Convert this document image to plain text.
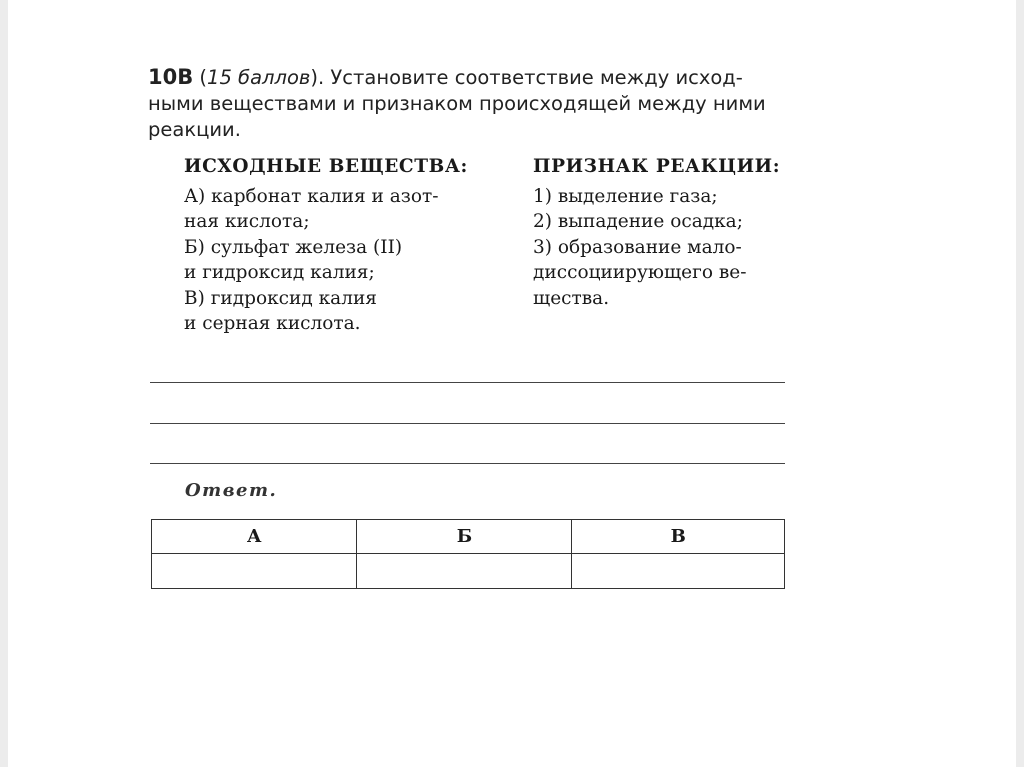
10В (15 баллов). Установите соответствие между исход-
ными веществами и признаком происходящей между ними
реакции.
ИСХОДНЫЕ ВЕЩЕСТВА:
А) карбонат калия и азот-
ная кислота;
Б) сульфат железа (II)
и гидроксид калия;
В) гидроксид калия
и серная кислота.
ПРИЗНАК РЕАКЦИИ:
1) выделение газа;
2) выпадение осадка;
3) образование мало-
диссоциирующего ве-
щества.
Ответ.
А	Б	В
